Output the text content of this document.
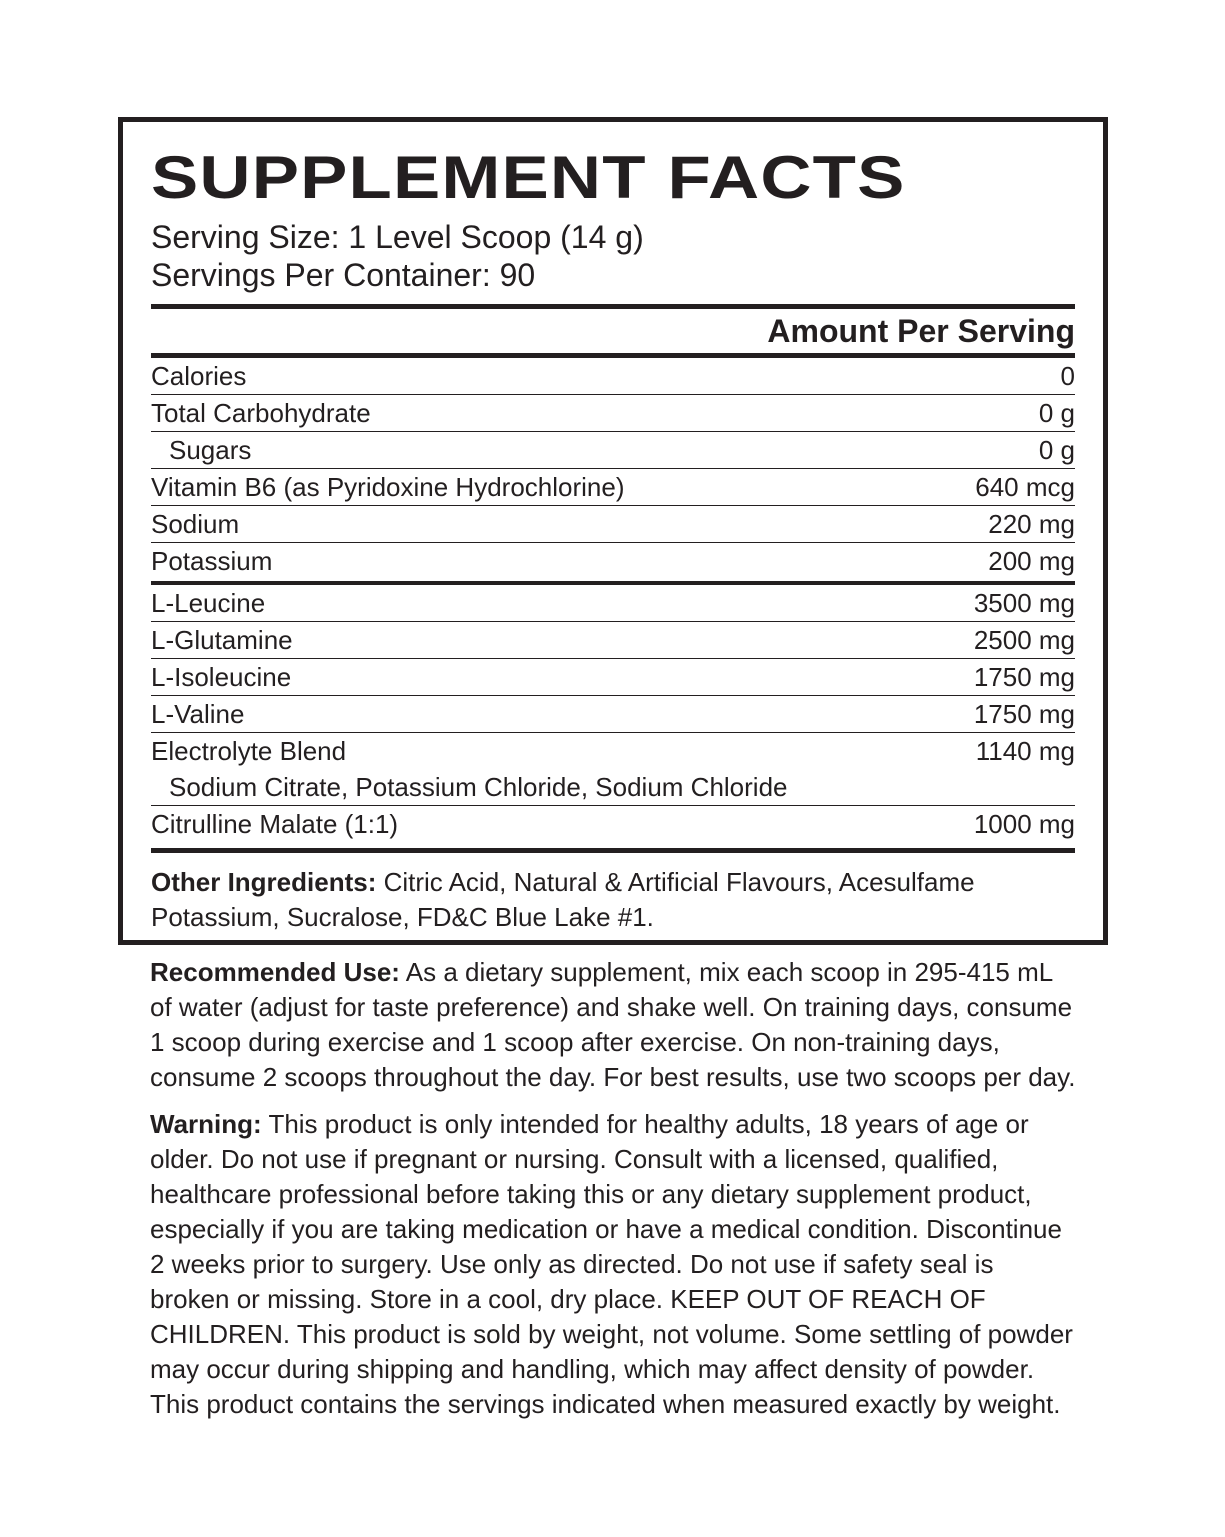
SUPPLEMENT FACTS
Serving Size: 1 Level Scoop (14 g)
Servings Per Container: 90
Amount Per Serving
Calories	0
Total Carbohydrate	0 g
Sugars	0 g
Vitamin B6 (as Pyridoxine Hydrochlorine)	640 mcg
Sodium	220 mg
Potassium	200 mg
L-Leucine	3500 mg
L-Glutamine	2500 mg
L-Isoleucine	1750 mg
L-Valine	1750 mg
Electrolyte Blend	1140 mg
Sodium Citrate, Potassium Chloride, Sodium Chloride
Citrulline Malate (1:1)	1000 mg
Other Ingredients: Citric Acid, Natural & Artificial Flavours, Acesulfame Potassium, Sucralose, FD&C Blue Lake #1.
Recommended Use: As a dietary supplement, mix each scoop in 295-415 mL of water (adjust for taste preference) and shake well. On training days, consume 1 scoop during exercise and 1 scoop after exercise. On non-training days, consume 2 scoops throughout the day. For best results, use two scoops per day.
Warning: This product is only intended for healthy adults, 18 years of age or older. Do not use if pregnant or nursing. Consult with a licensed, qualified, healthcare professional before taking this or any dietary supplement product, especially if you are taking medication or have a medical condition. Discontinue 2 weeks prior to surgery. Use only as directed. Do not use if safety seal is broken or missing. Store in a cool, dry place. KEEP OUT OF REACH OF CHILDREN. This product is sold by weight, not volume. Some settling of powder may occur during shipping and handling, which may affect density of powder. This product contains the servings indicated when measured exactly by weight.
